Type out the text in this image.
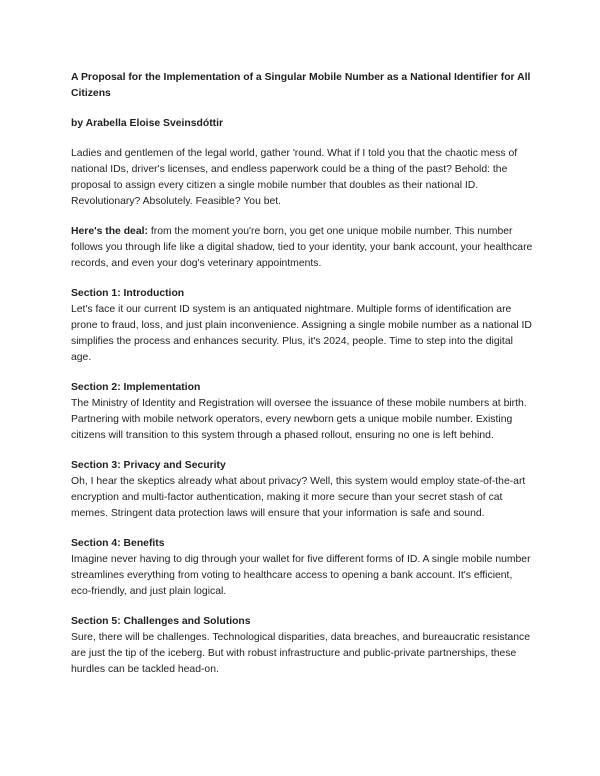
A Proposal for the Implementation of a Singular Mobile Number as a National Identifier for All Citizens
by Arabella Eloise Sveinsdóttir

Ladies and gentlemen of the legal world, gather 'round. What if I told you that the chaotic mess of national IDs, driver's licenses, and endless paperwork could be a thing of the past? Behold: the proposal to assign every citizen a single mobile number that doubles as their national ID. Revolutionary? Absolutely. Feasible? You bet.

Here's the deal: from the moment you're born, you get one unique mobile number. This number follows you through life like a digital shadow, tied to your identity, your bank account, your healthcare records, and even your dog's veterinary appointments.

Section 1: Introduction

Let's face it our current ID system is an antiquated nightmare. Multiple forms of identification are prone to fraud, loss, and just plain inconvenience. Assigning a single mobile number as a national ID simplifies the process and enhances security. Plus, it's 2024, people. Time to step into the digital age.

Section 2: Implementation

The Ministry of Identity and Registration will oversee the issuance of these mobile numbers at birth. Partnering with mobile network operators, every newborn gets a unique mobile number. Existing citizens will transition to this system through a phased rollout, ensuring no one is left behind.

Section 3: Privacy and Security

Oh, I hear the skeptics already what about privacy? Well, this system would employ state-of-the-art encryption and multi-factor authentication, making it more secure than your secret stash of cat memes. Stringent data protection laws will ensure that your information is safe and sound.

Section 4: Benefits

Imagine never having to dig through your wallet for five different forms of ID. A single mobile number streamlines everything from voting to healthcare access to opening a bank account. It's efficient, eco-friendly, and just plain logical.

Section 5: Challenges and Solutions

Sure, there will be challenges. Technological disparities, data breaches, and bureaucratic resistance are just the tip of the iceberg. But with robust infrastructure and public-private partnerships, these hurdles can be tackled head-on.
